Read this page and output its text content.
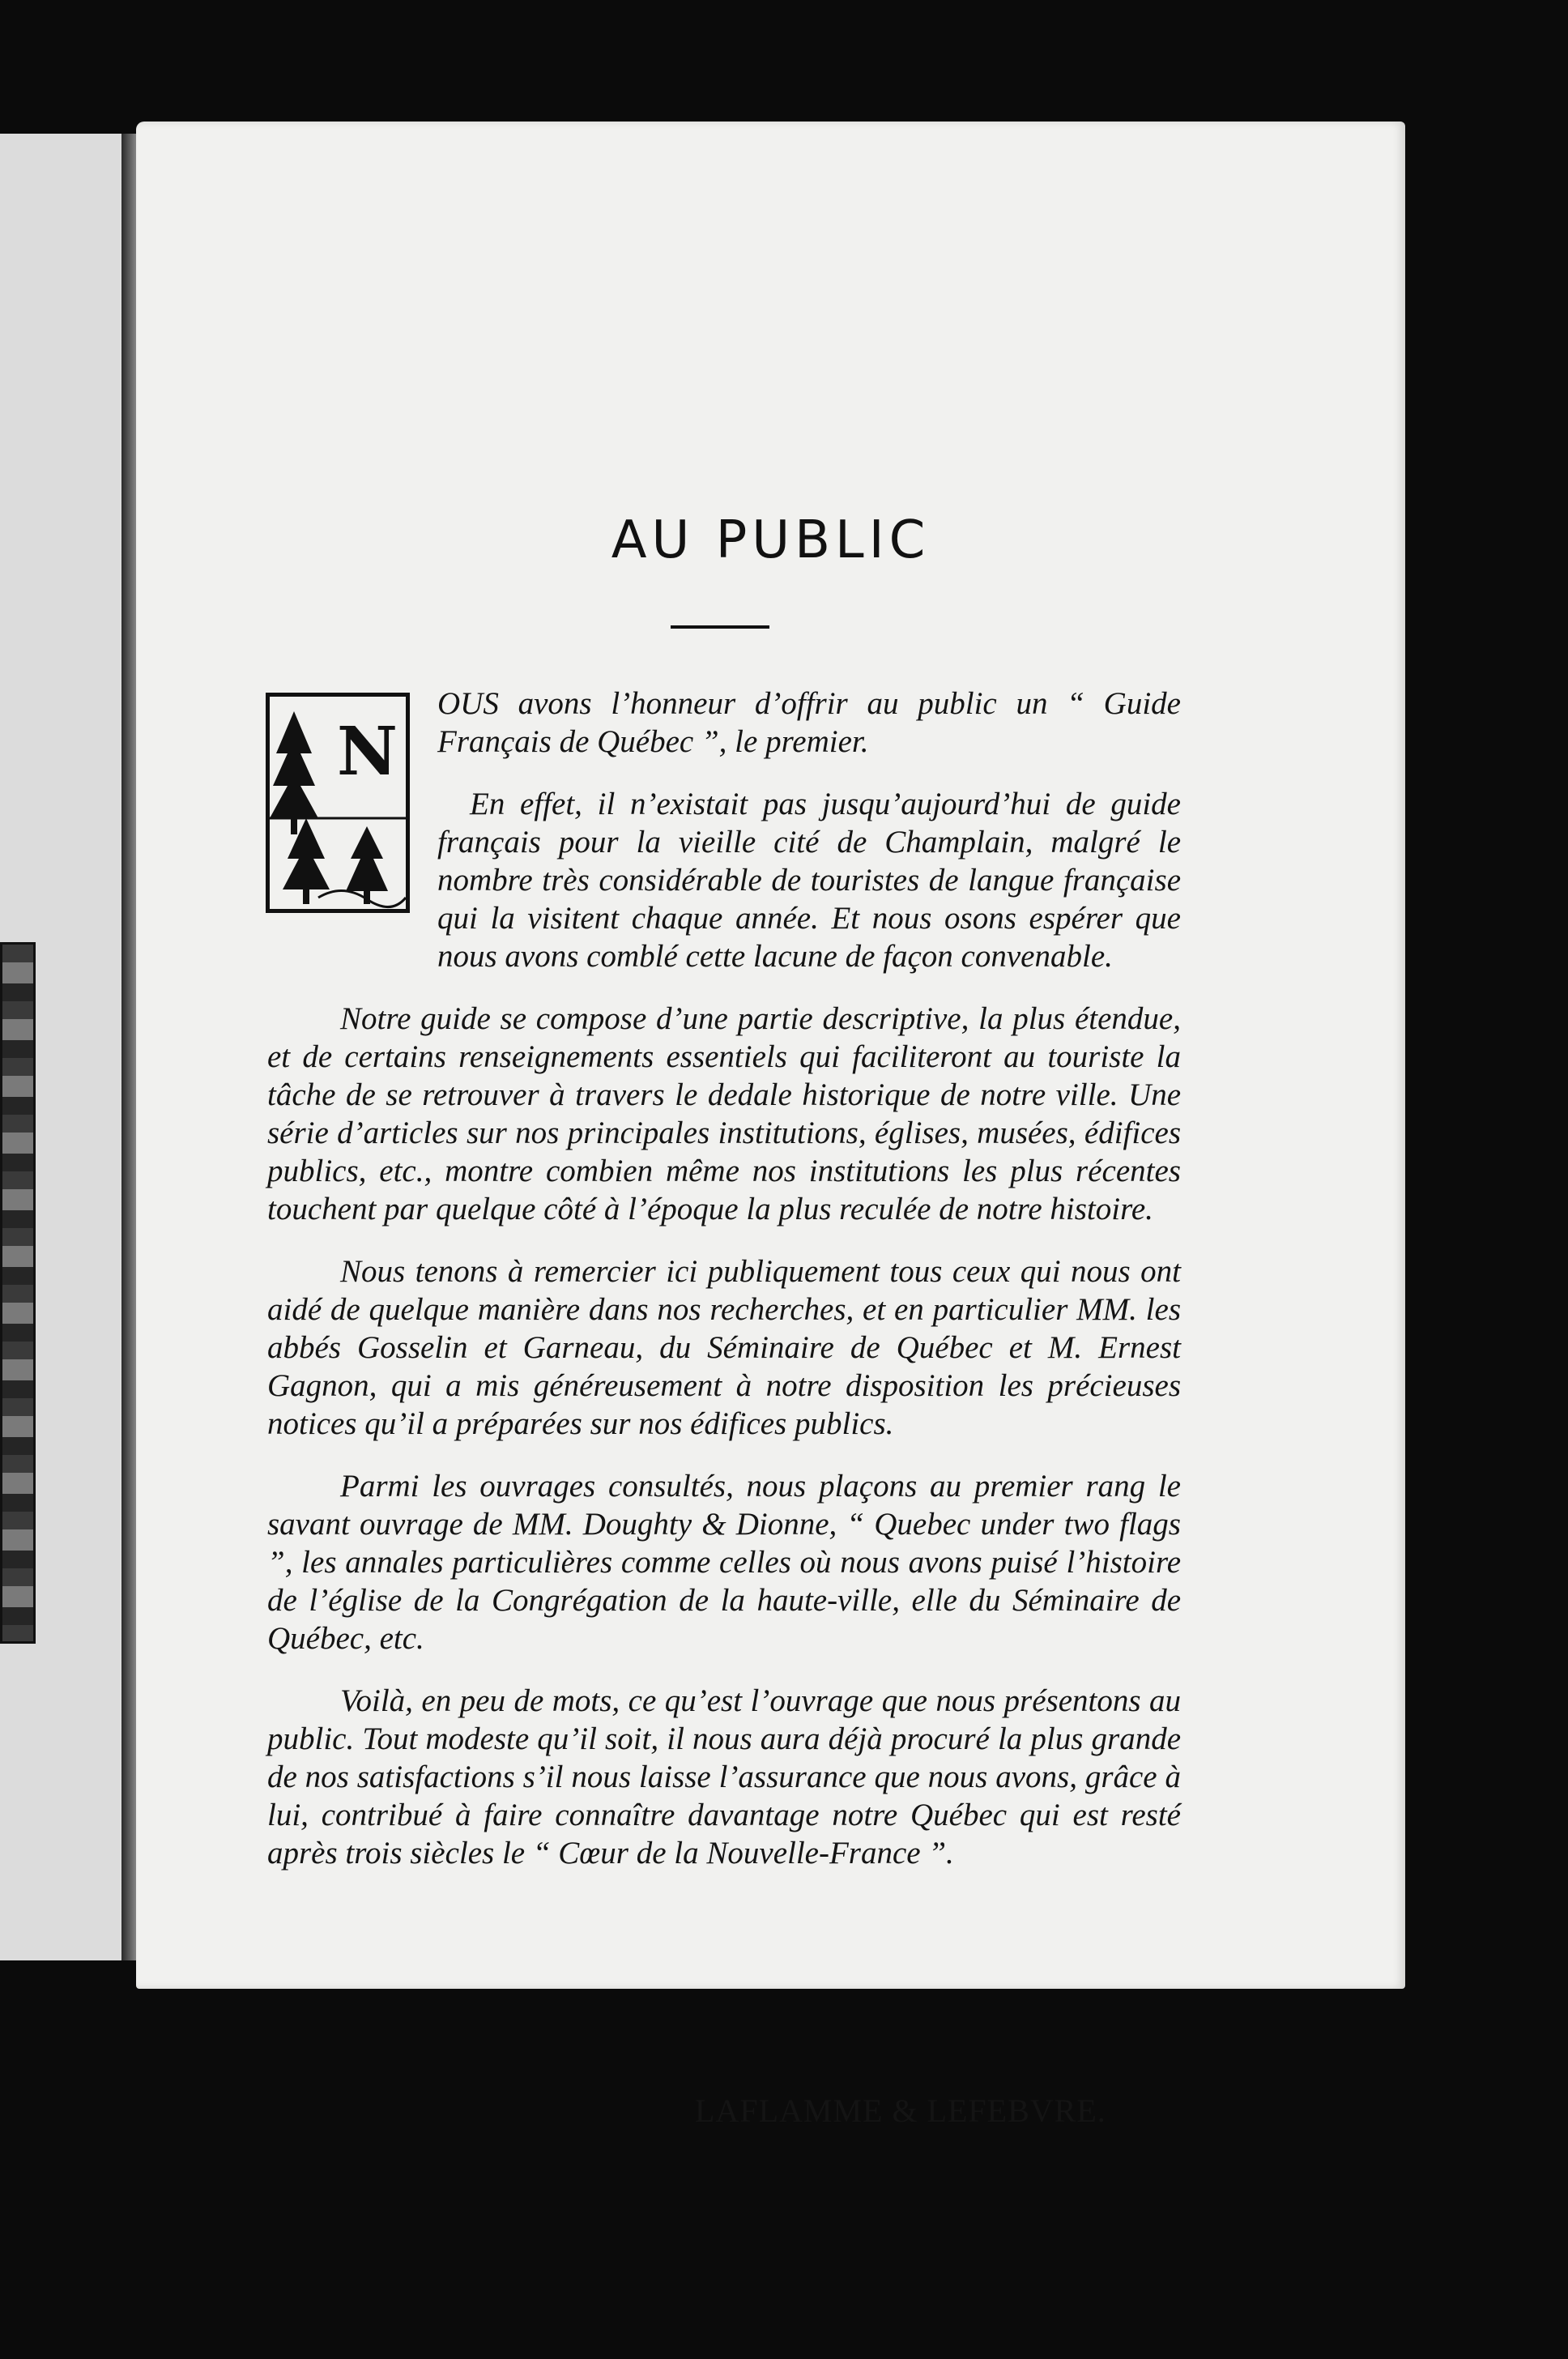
AU PUBLIC
N

OUS avons l’honneur d’offrir au public un “ Guide Français de Québec ”, le premier.

En effet, il n’existait pas jusqu’aujourd’hui de guide français pour la vieille cité de Champlain, malgré le nombre très considérable de touristes de langue française qui la visitent chaque année. Et nous osons espérer que nous avons comblé cette lacune de façon convenable.

Notre guide se compose d’une partie descriptive, la plus étendue, et de certains renseignements essentiels qui faciliteront au touriste la tâche de se retrouver à travers le dedale historique de notre ville. Une série d’articles sur nos principales institutions, églises, musées, édifices publics, etc., montre combien même nos institutions les plus récentes touchent par quelque côté à l’époque la plus reculée de notre histoire.

Nous tenons à remercier ici publiquement tous ceux qui nous ont aidé de quelque manière dans nos recherches, et en particulier MM. les abbés Gosselin et Garneau, du Séminaire de Québec et M. Ernest Gagnon, qui a mis généreusement à notre disposition les précieuses notices qu’il a préparées sur nos édifices publics.

Parmi les ouvrages consultés, nous plaçons au premier rang le savant ouvrage de MM. Doughty & Dionne, “ Quebec under two flags ”, les annales particulières comme celles où nous avons puisé l’histoire de l’église de la Congrégation de la haute-ville, elle du Séminaire de Québec, etc.

Voilà, en peu de mots, ce qu’est l’ouvrage que nous présentons au public. Tout modeste qu’il soit, il nous aura déjà procuré la plus grande de nos satisfactions s’il nous laisse l’assurance que nous avons, grâce à lui, contribué à faire connaître davantage notre Québec qui est resté après trois siècles le “ Cœur de la Nouvelle-France ”.

LAFLAMME & LEFEBVRE.
